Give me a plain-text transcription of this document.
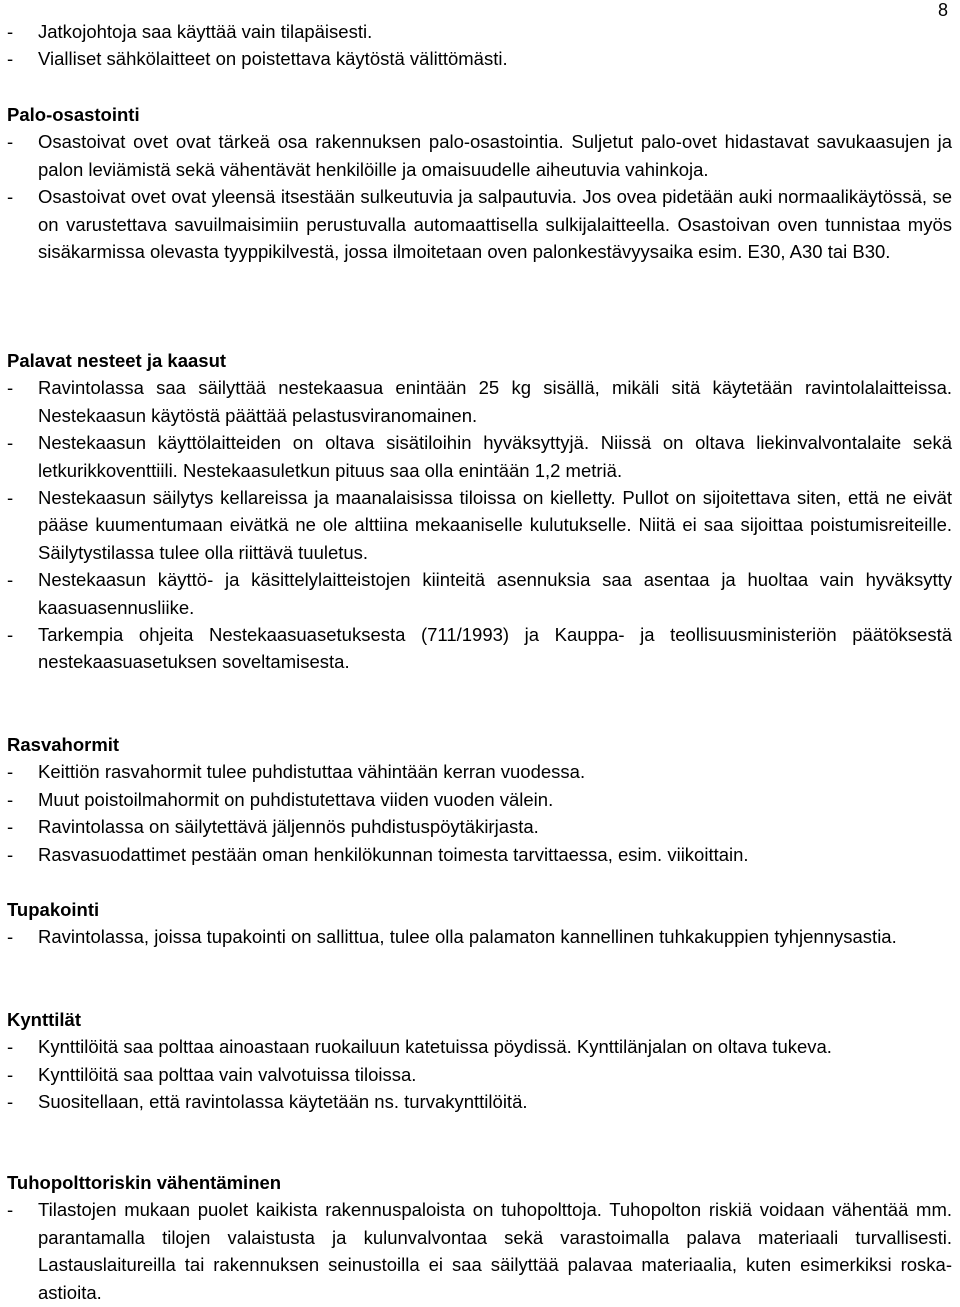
8
- Jatkojohtoja saa käyttää vain tilapäisesti.
- Vialliset sähkölaitteet on poistettava käytöstä välittömästi.
Palo-osastointi
- Osastoivat ovet ovat tärkeä osa rakennuksen palo-osastointia. Suljetut palo-ovet hidastavat savukaasujen ja palon leviämistä sekä vähentävät henkilöille ja omaisuudelle aiheutuvia vahinkoja.
- Osastoivat ovet ovat yleensä itsestään sulkeutuvia ja salpautuvia. Jos ovea pidetään auki normaalikäytössä, se on varustettava savuilmaisimiin perustuvalla automaattisella sulkijalaitteella. Osastoivan oven tunnistaa myös sisäkarmissa olevasta tyyppikilvestä, jossa ilmoitetaan oven palonkestävyysaika esim. E30, A30 tai B30.
Palavat nesteet ja kaasut
- Ravintolassa saa säilyttää nestekaasua enintään 25 kg sisällä, mikäli sitä käytetään ravintolalaitteissa. Nestekaasun käytöstä päättää pelastusviranomainen.
- Nestekaasun käyttölaitteiden on oltava sisätiloihin hyväksyttyjä. Niissä on oltava liekinvalvontalaite sekä letkurikkoventtiili. Nestekaasuletkun pituus saa olla enintään 1,2 metriä.
- Nestekaasun säilytys kellareissa ja maanalaisissa tiloissa on kielletty. Pullot on sijoitettava siten, että ne eivät pääse kuumentumaan eivätkä ne ole alttiina mekaaniselle kulutukselle. Niitä ei saa sijoittaa poistumisreiteille. Säilytystilassa tulee olla riittävä tuuletus.
- Nestekaasun käyttö- ja käsittelylaitteistojen kiinteitä asennuksia saa asentaa ja huoltaa vain hyväksytty kaasuasennusliike.
- Tarkempia ohjeita Nestekaasuasetuksesta (711/1993) ja Kauppa- ja teollisuusministeriön päätöksestä nestekaasuasetuksen soveltamisesta.
Rasvahormit
- Keittiön rasvahormit tulee puhdistuttaa vähintään kerran vuodessa.
- Muut poistoilmahormit on puhdistutettava viiden vuoden välein.
- Ravintolassa on säilytettävä jäljennös puhdistuspöytäkirjasta.
- Rasvasuodattimet pestään oman henkilökunnan toimesta tarvittaessa, esim. viikoittain.
Tupakointi
- Ravintolassa, joissa tupakointi on sallittua, tulee olla palamaton kannellinen tuhkakuppien tyhjennysastia.
Kynttilät
- Kynttilöitä saa polttaa ainoastaan ruokailuun katetuissa pöydissä. Kynttilänjalan on oltava tukeva.
- Kynttilöitä saa polttaa vain valvotuissa tiloissa.
- Suositellaan, että ravintolassa käytetään ns. turvakynttilöitä.
Tuhopolttoriskin vähentäminen
- Tilastojen mukaan puolet kaikista rakennuspaloista on tuhopolttoja. Tuhopolton riskiä voidaan vähentää mm. parantamalla tilojen valaistusta ja kulunvalvontaa sekä varastoimalla palava materiaali turvallisesti. Lastauslaitureilla tai rakennuksen seinustoilla ei saa säilyttää palavaa materiaalia, kuten esimerkiksi roska-astioita.
